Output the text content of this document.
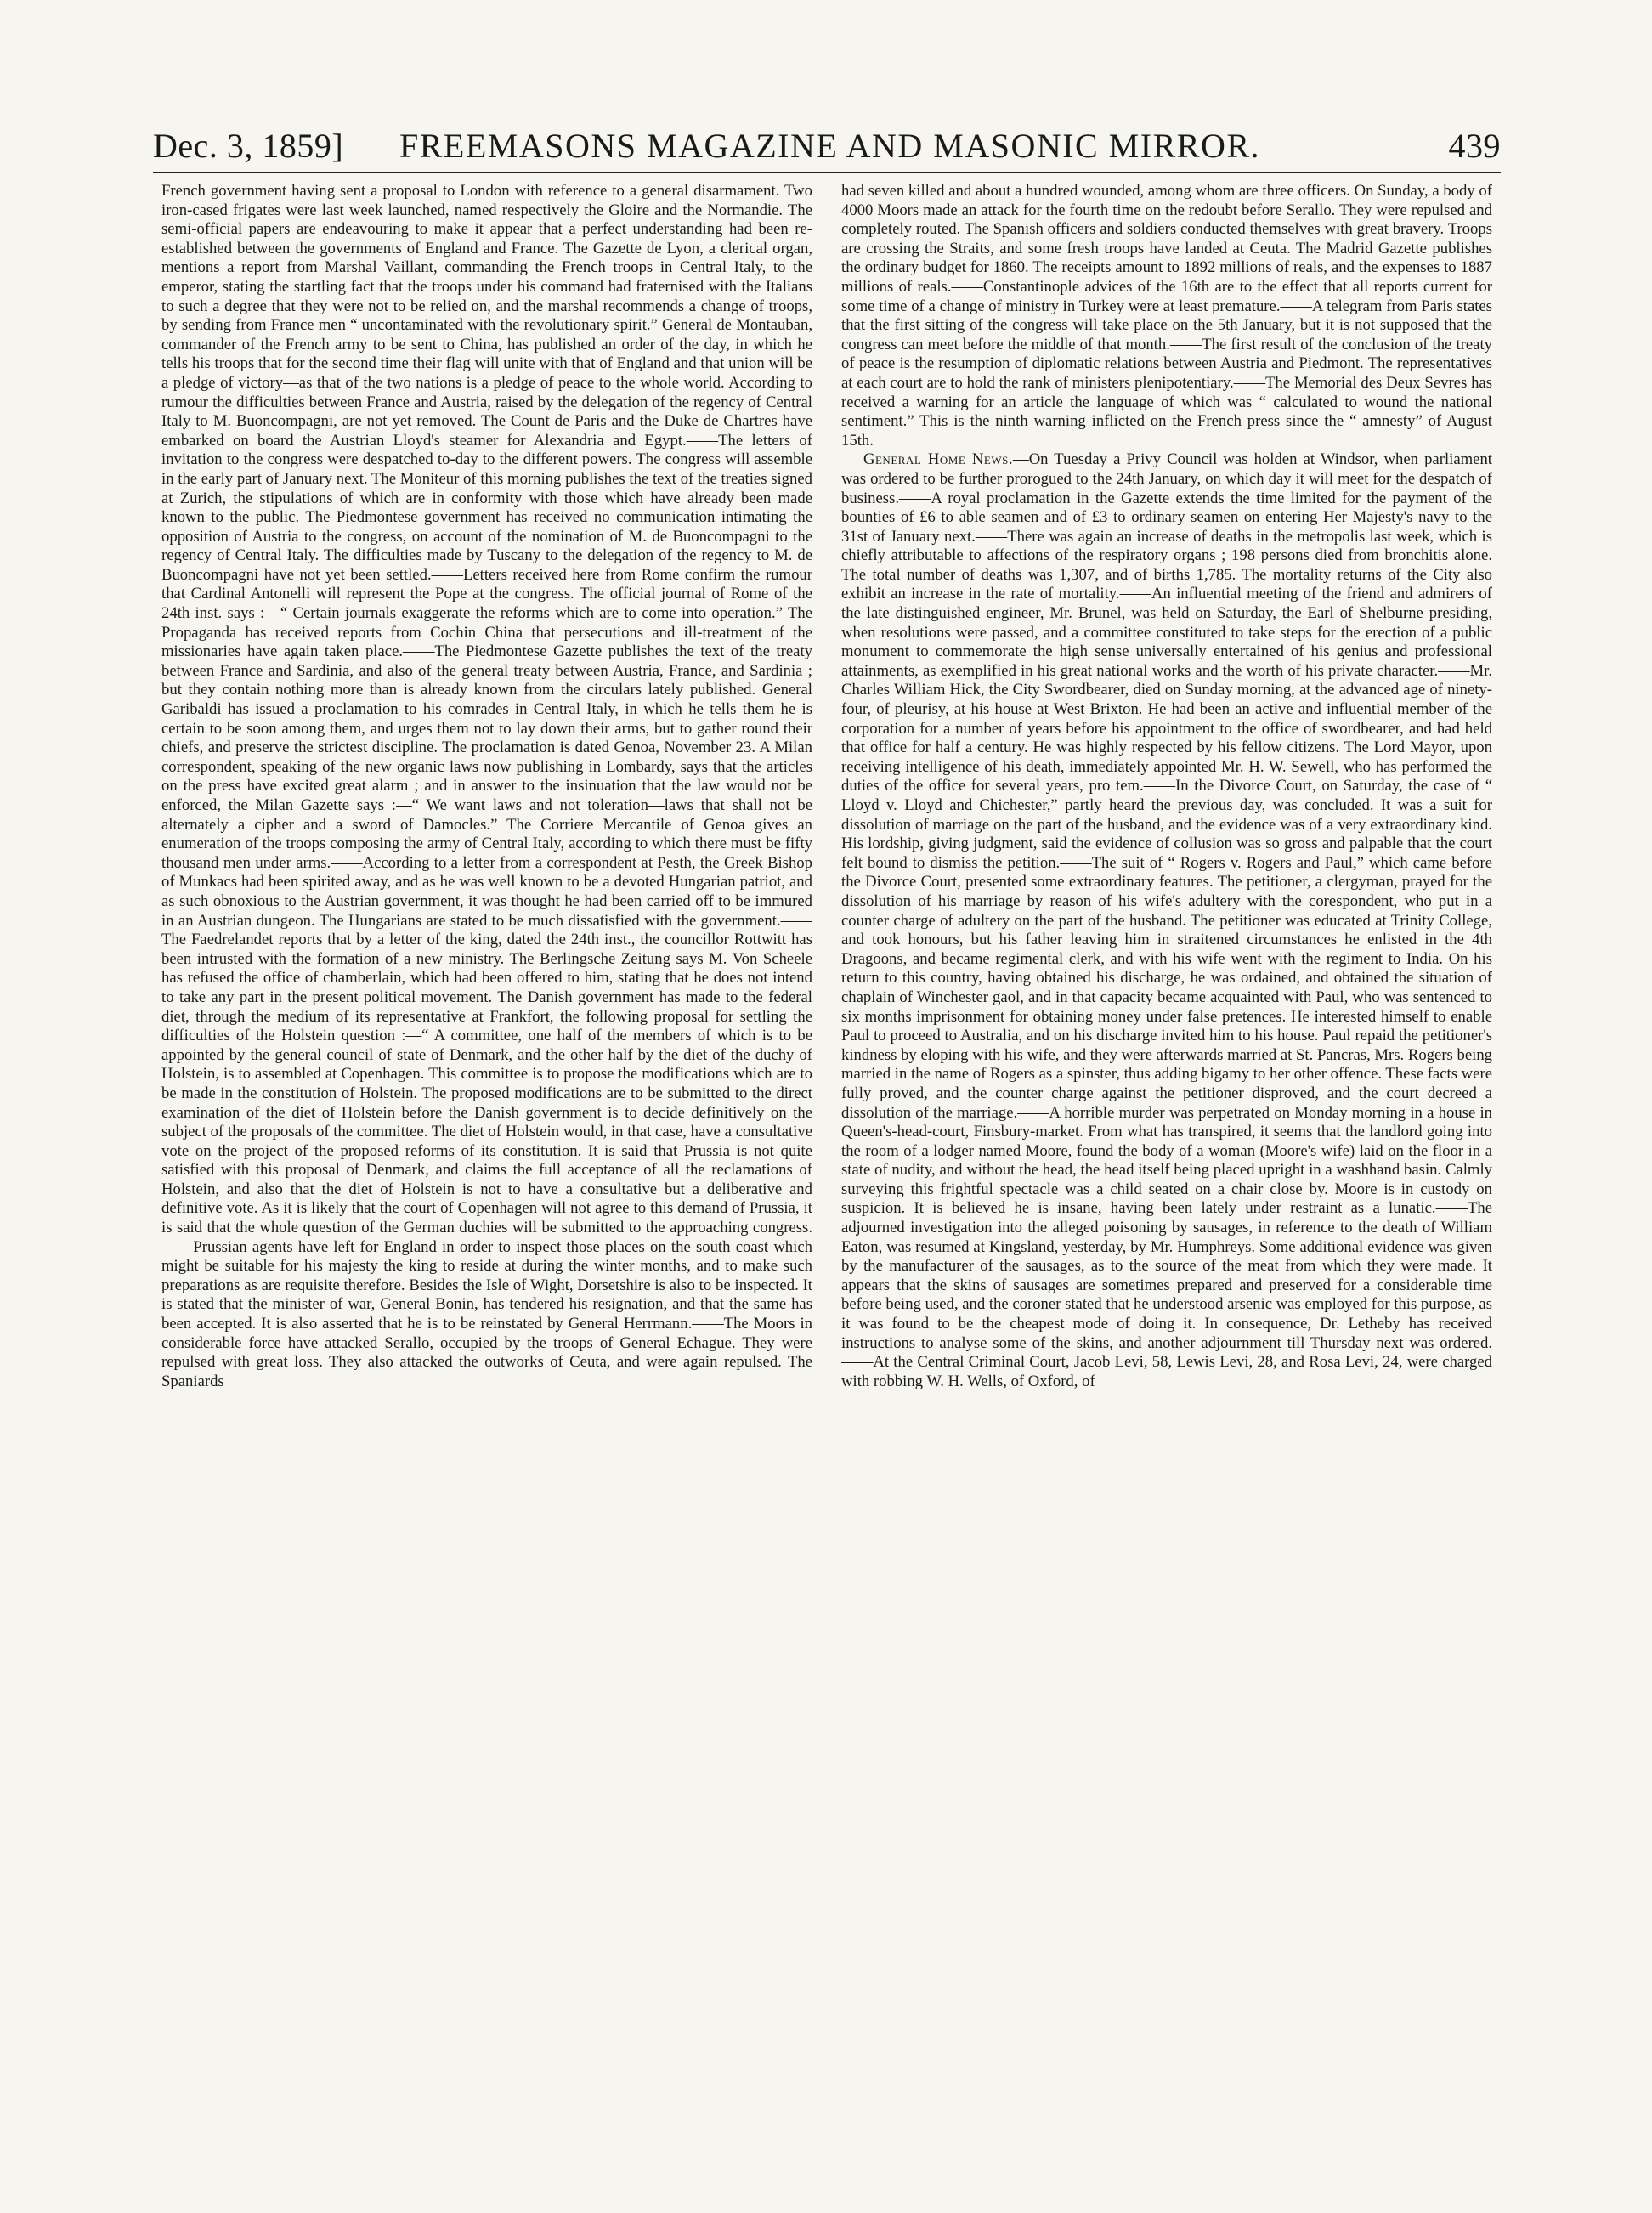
Dec. 3, 1859] FREEMASONS MAGAZINE AND MASONIC MIRROR.	439

French government having sent a proposal to London with reference to a general disarmament. Two iron-cased frigates were last week launched, named respectively the Gloire and the Normandie. The semi-official papers are endeavouring to make it appear that a perfect understanding had been re-established between the governments of England and France. The Gazette de Lyon, a clerical organ, mentions a report from Marshal Vaillant, commanding the French troops in Central Italy, to the emperor, stating the startling fact that the troops under his command had fraternised with the Italians to such a degree that they were not to be relied on, and the marshal recommends a change of troops, by sending from France men “ uncontaminated with the revolutionary spirit.” General de Montauban, commander of the French army to be sent to China, has published an order of the day, in which he tells his troops that for the second time their flag will unite with that of England and that union will be a pledge of victory—as that of the two nations is a pledge of peace to the whole world. According to rumour the difficulties between France and Austria, raised by the delegation of the regency of Central Italy to M. Buoncompagni, are not yet removed. The Count de Paris and the Duke de Chartres have embarked on board the Austrian Lloyd's steamer for Alexandria and Egypt.——The letters of invitation to the congress were despatched to-day to the different powers. The congress will assemble in the early part of January next. The Moniteur of this morning publishes the text of the treaties signed at Zurich, the stipulations of which are in conformity with those which have already been made known to the public. The Piedmontese government has received no communication intimating the opposition of Austria to the congress, on account of the nomination of M. de Buoncompagni to the regency of Central Italy. The difficulties made by Tuscany to the delegation of the regency to M. de Buoncompagni have not yet been settled.——Letters received here from Rome confirm the rumour that Cardinal Antonelli will represent the Pope at the congress. The official journal of Rome of the 24th inst. says :—“ Certain journals exaggerate the reforms which are to come into operation.” The Propaganda has received reports from Cochin China that persecutions and ill-treatment of the missionaries have again taken place.——The Piedmontese Gazette publishes the text of the treaty between France and Sardinia, and also of the general treaty between Austria, France, and Sardinia ; but they contain nothing more than is already known from the circulars lately published. General Garibaldi has issued a proclamation to his comrades in Central Italy, in which he tells them he is certain to be soon among them, and urges them not to lay down their arms, but to gather round their chiefs, and preserve the strictest discipline. The proclamation is dated Genoa, November 23. A Milan correspondent, speaking of the new organic laws now publishing in Lombardy, says that the articles on the press have excited great alarm ; and in answer to the insinuation that the law would not be enforced, the Milan Gazette says :—“ We want laws and not toleration—laws that shall not be alternately a cipher and a sword of Damocles.” The Corriere Mercantile of Genoa gives an enumeration of the troops composing the army of Central Italy, according to which there must be fifty thousand men under arms.——According to a letter from a correspondent at Pesth, the Greek Bishop of Munkacs had been spirited away, and as he was well known to be a devoted Hungarian patriot, and as such obnoxious to the Austrian government, it was thought he had been carried off to be immured in an Austrian dungeon. The Hungarians are stated to be much dissatisfied with the government.——The Faedrelandet reports that by a letter of the king, dated the 24th inst., the councillor Rottwitt has been intrusted with the formation of a new ministry. The Berlingsche Zeitung says M. Von Scheele has refused the office of chamberlain, which had been offered to him, stating that he does not intend to take any part in the present political movement. The Danish government has made to the federal diet, through the medium of its representative at Frankfort, the following proposal for settling the difficulties of the Holstein question :—“ A committee, one half of the members of which is to be appointed by the general council of state of Denmark, and the other half by the diet of the duchy of Holstein, is to assembled at Copenhagen. This committee is to propose the modifications which are to be made in the constitution of Holstein. The proposed modifications are to be submitted to the direct examination of the diet of Holstein before the Danish government is to decide definitively on the subject of the proposals of the committee. The diet of Holstein would, in that case, have a consultative vote on the project of the proposed reforms of its constitution. It is said that Prussia is not quite satisfied with this proposal of Denmark, and claims the full acceptance of all the reclamations of Holstein, and also that the diet of Holstein is not to have a consultative but a deliberative and definitive vote. As it is likely that the court of Copenhagen will not agree to this demand of Prussia, it is said that the whole question of the German duchies will be submitted to the approaching congress.——Prussian agents have left for England in order to inspect those places on the south coast which might be suitable for his majesty the king to reside at during the winter months, and to make such preparations as are requisite therefore. Besides the Isle of Wight, Dorsetshire is also to be inspected. It is stated that the minister of war, General Bonin, has tendered his resignation, and that the same has been accepted. It is also asserted that he is to be reinstated by General Herrmann.——The Moors in considerable force have attacked Serallo, occupied by the troops of General Echague. They were repulsed with great loss. They also attacked the outworks of Ceuta, and were again repulsed. The Spaniards

had seven killed and about a hundred wounded, among whom are three officers. On Sunday, a body of 4000 Moors made an attack for the fourth time on the redoubt before Serallo. They were repulsed and completely routed. The Spanish officers and soldiers conducted themselves with great bravery. Troops are crossing the Straits, and some fresh troops have landed at Ceuta. The Madrid Gazette publishes the ordinary budget for 1860. The receipts amount to 1892 millions of reals, and the expenses to 1887 millions of reals.——Constantinople advices of the 16th are to the effect that all reports current for some time of a change of ministry in Turkey were at least premature.——A telegram from Paris states that the first sitting of the congress will take place on the 5th January, but it is not supposed that the congress can meet before the middle of that month.——The first result of the conclusion of the treaty of peace is the resumption of diplomatic relations between Austria and Piedmont. The representatives at each court are to hold the rank of ministers plenipotentiary.——The Memorial des Deux Sevres has received a warning for an article the language of which was “ calculated to wound the national sentiment.” This is the ninth warning inflicted on the French press since the “ amnesty” of August 15th.

General Home News.—On Tuesday a Privy Council was holden at Windsor, when parliament was ordered to be further prorogued to the 24th January, on which day it will meet for the despatch of business.——A royal proclamation in the Gazette extends the time limited for the payment of the bounties of £6 to able seamen and of £3 to ordinary seamen on entering Her Majesty's navy to the 31st of January next.——There was again an increase of deaths in the metropolis last week, which is chiefly attributable to affections of the respiratory organs ; 198 persons died from bronchitis alone. The total number of deaths was 1,307, and of births 1,785. The mortality returns of the City also exhibit an increase in the rate of mortality.——An influential meeting of the friend and admirers of the late distinguished engineer, Mr. Brunel, was held on Saturday, the Earl of Shelburne presiding, when resolutions were passed, and a committee constituted to take steps for the erection of a public monument to commemorate the high sense universally entertained of his genius and professional attainments, as exemplified in his great national works and the worth of his private character.——Mr. Charles William Hick, the City Swordbearer, died on Sunday morning, at the advanced age of ninety-four, of pleurisy, at his house at West Brixton. He had been an active and influential member of the corporation for a number of years before his appointment to the office of swordbearer, and had held that office for half a century. He was highly respected by his fellow citizens. The Lord Mayor, upon receiving intelligence of his death, immediately appointed Mr. H. W. Sewell, who has performed the duties of the office for several years, pro tem.——In the Divorce Court, on Saturday, the case of “ Lloyd v. Lloyd and Chichester,” partly heard the previous day, was concluded. It was a suit for dissolution of marriage on the part of the husband, and the evidence was of a very extraordinary kind. His lordship, giving judgment, said the evidence of collusion was so gross and palpable that the court felt bound to dismiss the petition.——The suit of “ Rogers v. Rogers and Paul,” which came before the Divorce Court, presented some extraordinary features. The petitioner, a clergyman, prayed for the dissolution of his marriage by reason of his wife's adultery with the corespondent, who put in a counter charge of adultery on the part of the husband. The petitioner was educated at Trinity College, and took honours, but his father leaving him in straitened circumstances he enlisted in the 4th Dragoons, and became regimental clerk, and with his wife went with the regiment to India. On his return to this country, having obtained his discharge, he was ordained, and obtained the situation of chaplain of Winchester gaol, and in that capacity became acquainted with Paul, who was sentenced to six months imprisonment for obtaining money under false pretences. He interested himself to enable Paul to proceed to Australia, and on his discharge invited him to his house. Paul repaid the petitioner's kindness by eloping with his wife, and they were afterwards married at St. Pancras, Mrs. Rogers being married in the name of Rogers as a spinster, thus adding bigamy to her other offence. These facts were fully proved, and the counter charge against the petitioner disproved, and the court decreed a dissolution of the marriage.——A horrible murder was perpetrated on Monday morning in a house in Queen's-head-court, Finsbury-market. From what has transpired, it seems that the landlord going into the room of a lodger named Moore, found the body of a woman (Moore's wife) laid on the floor in a state of nudity, and without the head, the head itself being placed upright in a washhand basin. Calmly surveying this frightful spectacle was a child seated on a chair close by. Moore is in custody on suspicion. It is believed he is insane, having been lately under restraint as a lunatic.——The adjourned investigation into the alleged poisoning by sausages, in reference to the death of William Eaton, was resumed at Kingsland, yesterday, by Mr. Humphreys. Some additional evidence was given by the manufacturer of the sausages, as to the source of the meat from which they were made. It appears that the skins of sausages are sometimes prepared and preserved for a considerable time before being used, and the coroner stated that he understood arsenic was employed for this purpose, as it was found to be the cheapest mode of doing it. In consequence, Dr. Letheby has received instructions to analyse some of the skins, and another adjournment till Thursday next was ordered.——At the Central Criminal Court, Jacob Levi, 58, Lewis Levi, 28, and Rosa Levi, 24, were charged with robbing W. H. Wells, of Oxford, of
